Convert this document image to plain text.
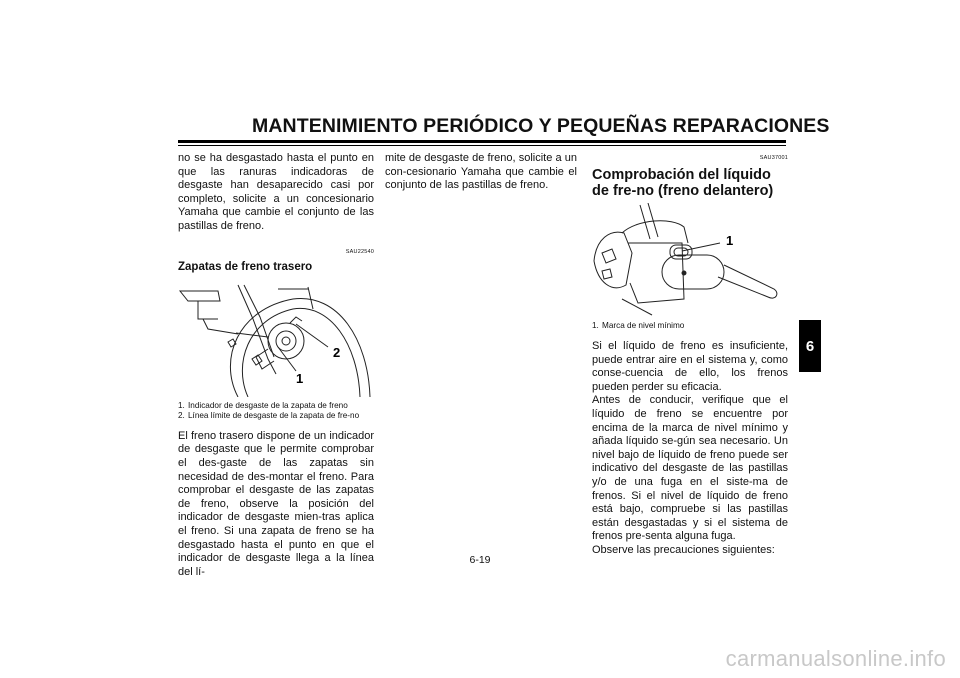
MANTENIMIENTO PERIÓDICO Y PEQUEÑAS REPARACIONES
6

no se ha desgastado hasta el punto en que las ranuras indicadoras de desgaste han desaparecido casi por completo, solicite a un concesionario Yamaha que cambie el conjunto de las pastillas de freno.

SAU22540
Zapatas de freno trasero
2
1
1. Indicador de desgaste de la zapata de freno
2. Línea límite de desgaste de la zapata de fre-no

El freno trasero dispone de un indicador de desgaste que le permite comprobar el des-gaste de las zapatas sin necesidad de des-montar el freno. Para comprobar el desgaste de las zapatas de freno, observe la posición del indicador de desgaste mien-tras aplica el freno. Si una zapata de freno se ha desgastado hasta el punto en que el indicador de desgaste llega a la línea del lí-

mite de desgaste de freno, solicite a un con-cesionario Yamaha que cambie el conjunto de las pastillas de freno.

SAU37001
Comprobación del líquido de fre-no (freno delantero)
1
1. Marca de nivel mínimo

Si el líquido de freno es insuficiente, puede entrar aire en el sistema y, como conse-cuencia de ello, los frenos pueden perder su eficacia.

Antes de conducir, verifique que el líquido de freno se encuentre por encima de la marca de nivel mínimo y añada líquido se-gún sea necesario. Un nivel bajo de líquido de freno puede ser indicativo del desgaste de las pastillas y/o de una fuga en el siste-ma de frenos. Si el nivel de líquido de freno está bajo, compruebe si las pastillas están desgastadas y si el sistema de frenos pre-senta alguna fuga.

Observe las precauciones siguientes:

6-19
carmanualsonline.info
